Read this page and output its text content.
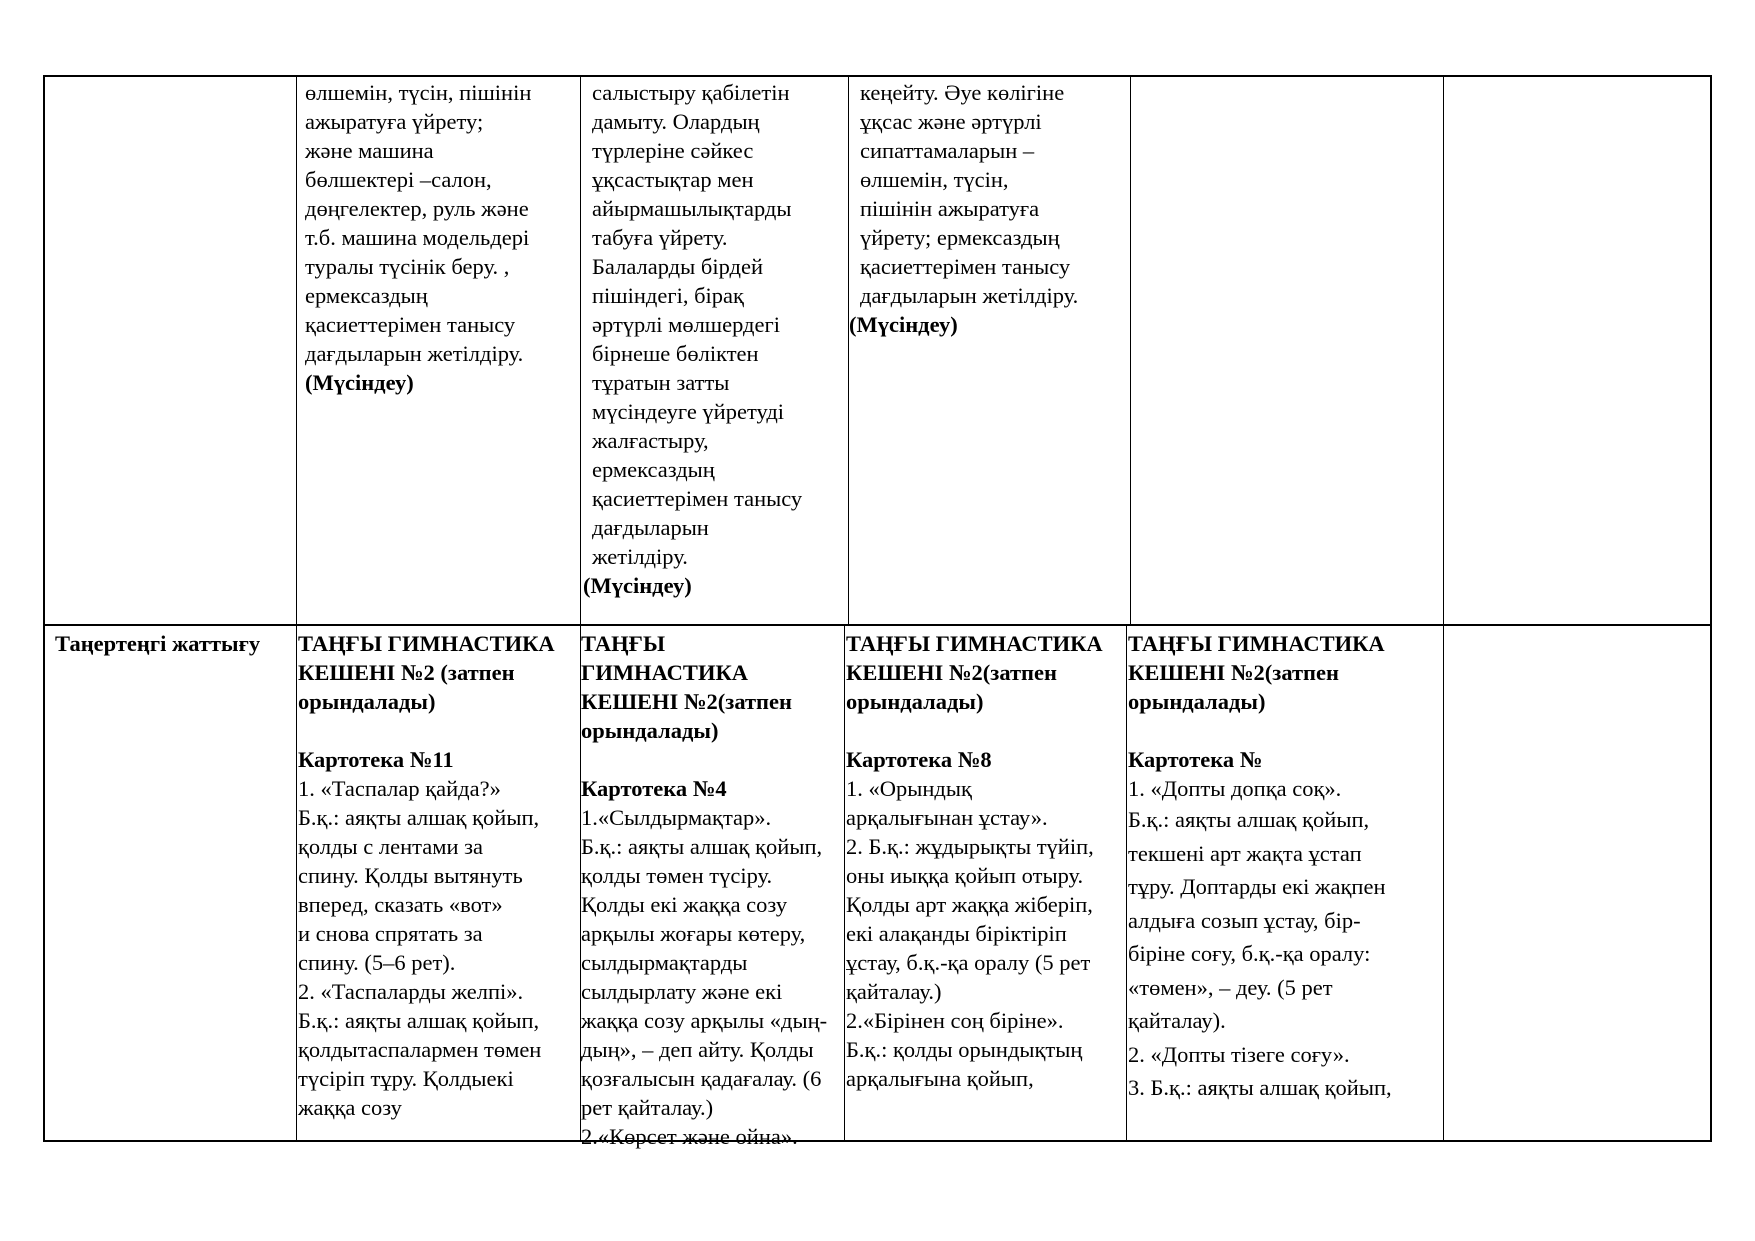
өлшемін, түсін, пішінін
ажыратуға үйрету;
және машина
бөлшектері –салон,
дөңгелектер, руль және
т.б. машина модельдері
туралы түсінік беру. ,
ермексаздың
қасиеттерімен танысу
дағдыларын жетілдіру.
(Мүсіндеу)
салыстыру қабілетін
дамыту. Олардың
түрлеріне сәйкес
ұқсастықтар мен
айырмашылықтарды
табуға үйрету.
Балаларды бірдей
пішіндегі, бірақ
әртүрлі мөлшердегі
бірнеше бөліктен
тұратын затты
мүсіндеуге үйретуді
жалғастыру,
ермексаздың
қасиеттерімен танысу
дағдыларын
жетілдіру.
(Мүсіндеу)
кеңейту. Әуе көлігіне
ұқсас және әртүрлі
сипаттамаларын –
өлшемін, түсін,
пішінін ажыратуға
үйрету; ермексаздың
қасиеттерімен танысу
дағдыларын жетілдіру.
(Мүсіндеу)
Таңертеңгі жаттығу ТАҢҒЫ ГИМНАСТИКА
КЕШЕНІ №2 (затпен
орындалады)
Картотека №11
1. «Таспалар қайда?»
Б.қ.: аяқты алшақ қойып,
қолды с лентами за
спину. Қолды вытянуть
вперед, сказать «вот»
и снова спрятать за
спину. (5–6 рет).
2. «Таспаларды желпі».
Б.қ.: аяқты алшақ қойып,
қолдытаспалармен төмен
түсіріп тұру. Қолдыекі
жаққа созу
ТАҢҒЫ
ГИМНАСТИКА
КЕШЕНІ №2(затпен
орындалады)
Картотека №4
1.«Сылдырмақтар».
Б.қ.: аяқты алшақ қойып,
қолды төмен түсіру.
Қолды екі жаққа созу
арқылы жоғары көтеру,
сылдырмақтарды
сылдырлату және екі
жаққа созу арқылы «дың-
дың», – деп айту. Қолды
қозғалысын қадағалау. (6
рет қайталау.)
2.«Көрсет және ойна».
ТАҢҒЫ ГИМНАСТИКА
КЕШЕНІ №2(затпен
орындалады)
Картотека №8
1. «Орындық
арқалығынан ұстау».
2. Б.қ.: жұдырықты түйіп,
оны иыққа қойып отыру.
Қолды арт жаққа жіберіп,
екі алақанды біріктіріп
ұстау, б.қ.-қа оралу (5 рет
қайталау.)
2.«Бірінен соң біріне».
Б.қ.: қолды орындықтың
арқалығына қойып,
ТАҢҒЫ ГИМНАСТИКА
КЕШЕНІ №2(затпен
орындалады)
Картотека №
1. «Допты допқа соқ».
Б.қ.: аяқты алшақ қойып,
текшені арт жақта ұстап
тұру. Доптарды екі жақпен
алдыға созып ұстау, бір-
біріне соғу, б.қ.-қа оралу:
«төмен», – деу. (5 рет
қайталау).
2. «Допты тізеге соғу».
3. Б.қ.: аяқты алшақ қойып,
